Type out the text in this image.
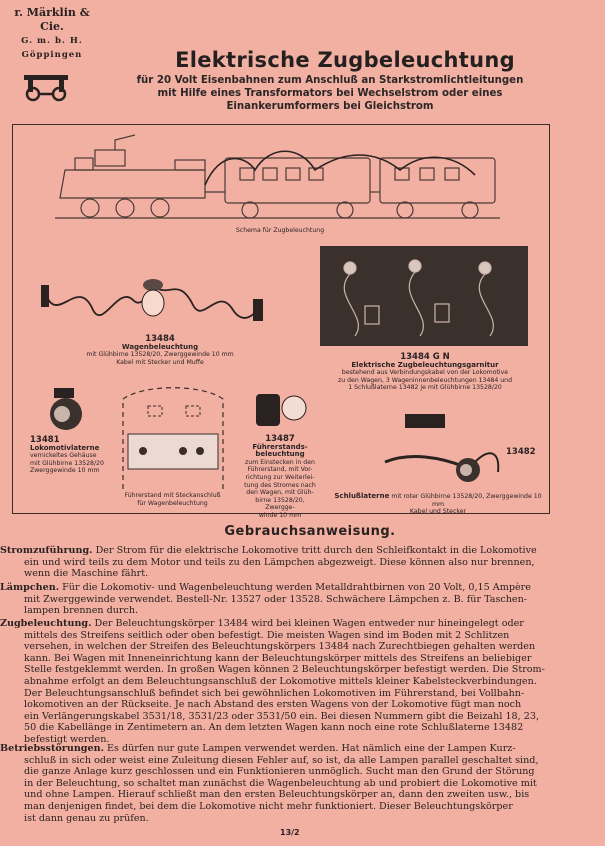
r. Märklin & Cie.
G. m. b. H.
Göppingen	Elektrische Zugbeleuchtung
für 20 Volt Eisenbahnen zum Anschluß an Starkstromlichtleitungen
mit Hilfe eines Transformators bei Wechselstrom oder eines
Einankerumformers bei Gleichstrom
Schema für Zugbeleuchtung
13484
Wagenbeleuchtung
mit Glühbirne 13528/20, Zwerggewinde 10 mm
Kabel mit Stecker und Muffe
13484 G N
Elektrische Zugbeleuchtungsgarnitur
bestehend aus Verbindungskabel von der Lokomotive
zu den Wagen, 3 Wageninnenbeleuchtungen 13484 und
1 Schlußlaterne 13482 je mit Glühbirne 13528/20
13481
Lokomotivlaterne
vernickeltes Gehäuse
mit Glühbirne 13528/20
Zwerggewinde 10 mm
Führerstand mit Steckanschluß
für Wagenbeleuchtung
13487
Führerstands-
beleuchtung
zum Einstecken in den
Führerstand, mit Vor-
richtung zur Weiterlei-
tung des Stromes nach
den Wagen, mit Glüh-
birne 13528/20, Zwergge-
winde 10 mm
13482
Schlußlaterne mit roter Glühbirne 13528/20, Zwerggewinde 10 mm
Kabel und Stecker
Gebrauchsanweisung.
Stromzuführung. Der Strom für die elektrische Lokomotive tritt durch den Schleifkontakt in die Lokomotive
ein und wird teils zu dem Motor und teils zu den Lämpchen abgezweigt. Diese können also nur brennen,
wenn die Maschine fährt.
Lämpchen. Für die Lokomotiv- und Wagenbeleuchtung werden Metalldrahtbirnen von 20 Volt, 0,15 Ampère
mit Zwerggewinde verwendet. Bestell-Nr. 13527 oder 13528. Schwächere Lämpchen z. B. für Taschen-
lampen brennen durch.
Zugbeleuchtung. Der Beleuchtungskörper 13484 wird bei kleinen Wagen entweder nur hineingelegt oder
mittels des Streifens seitlich oder oben befestigt. Die meisten Wagen sind im Boden mit 2 Schlitzen
versehen, in welchen der Streifen des Beleuchtungskörpers 13484 nach Zurechtbiegen gehalten werden
kann. Bei Wagen mit Inneneinrichtung kann der Beleuchtungskörper mittels des Streifens an beliebiger
Stelle festgeklemmt werden. In großen Wagen können 2 Beleuchtungskörper befestigt werden. Die Strom-
abnahme erfolgt an dem Beleuchtungsanschluß der Lokomotive mittels kleiner Kabelsteckverbindungen.
Der Beleuchtungsanschluß befindet sich bei gewöhnlichen Lokomotiven im Führerstand, bei Vollbahn-
lokomotiven an der Rückseite. Je nach Abstand des ersten Wagens von der Lokomotive fügt man noch
ein Verlängerungskabel 3531/18, 3531/23 oder 3531/50 ein. Bei diesen Nummern gibt die Beizahl 18, 23,
50 die Kabellänge in Zentimetern an. An dem letzten Wagen kann noch eine rote Schlußlaterne 13482
befestigt werden.
Betriebsstörungen. Es dürfen nur gute Lampen verwendet werden. Hat nämlich eine der Lampen Kurz-
schluß in sich oder weist eine Zuleitung diesen Fehler auf, so ist, da alle Lampen parallel geschaltet sind,
die ganze Anlage kurz geschlossen und ein Funktionieren unmöglich. Sucht man den Grund der Störung
in der Beleuchtung, so schaltet man zunächst die Wagenbeleuchtung ab und probiert die Lokomotive mit
und ohne Lampen. Hierauf schließt man den ersten Beleuchtungskörper an, dann den zweiten usw., bis
man denjenigen findet, bei dem die Lokomotive nicht mehr funktioniert. Dieser Beleuchtungskörper
ist dann genau zu prüfen.
13/2
